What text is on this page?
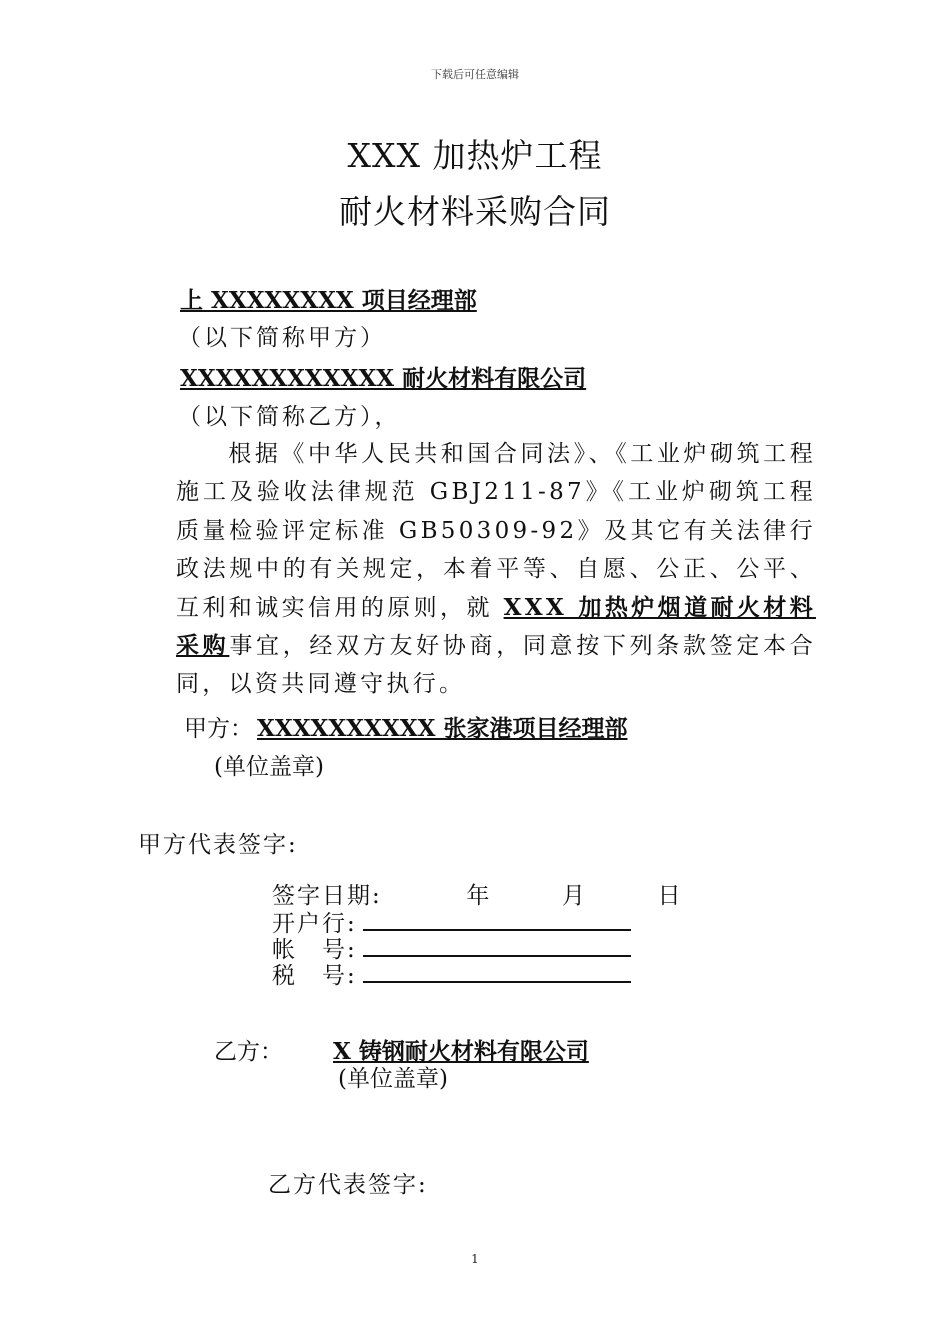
下载后可任意编辑
XXX 加热炉工程
耐火材料采购合同
上 XXXXXXXX 项目经理部
（以下简称甲方）
XXXXXXXXXXXX 耐火材料有限公司
（以下简称乙方），
根据《中华人民共和国合同法》、《工业炉砌筑工程施工及验收法律规范 GBJ211-87》《工业炉砌筑工程质量检验评定标准 GB50309-92》及其它有关法律行政法规中的有关规定，本着平等、自愿、公正、公平、互利和诚实信用的原则，就 XXX 加热炉烟道耐火材料采购事宜，经双方友好协商，同意按下列条款签定本合同，以资共同遵守执行。
甲方： XXXXXXXXXX 张家港项目经理部
(单位盖章)
甲方代表签字:
签字日期:	年	月	日
开户行:
帐　号:
税　号:
乙方： X 铸钢耐火材料有限公司
(单位盖章)
乙方代表签字:
1
